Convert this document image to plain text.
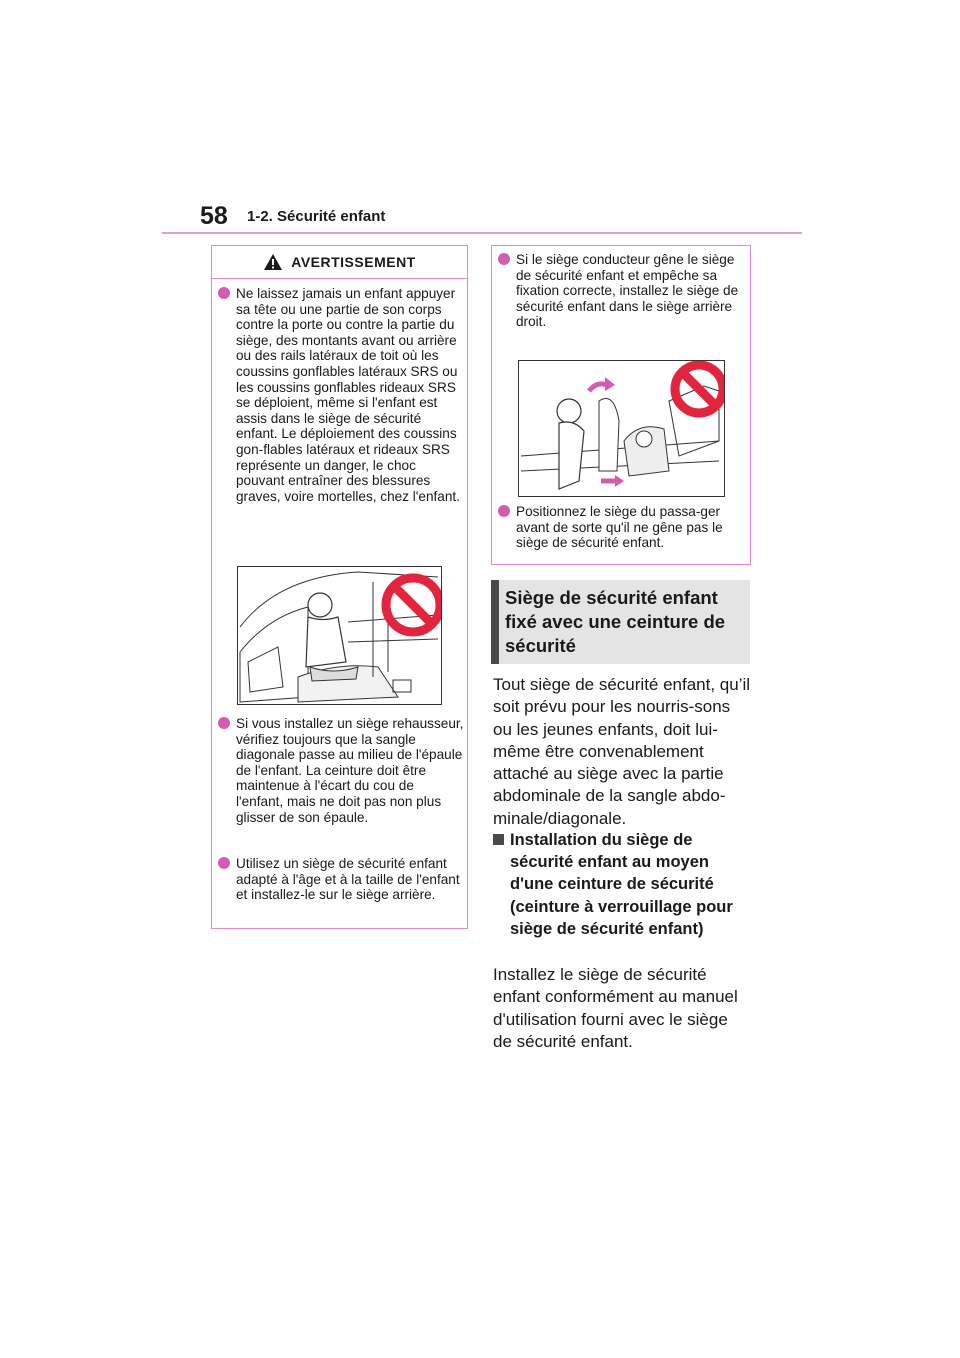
58 1-2. Sécurité enfant
AVERTISSEMENT
Ne laissez jamais un enfant appuyer sa tête ou une partie de son corps contre la porte ou contre la partie du siège, des montants avant ou arrière ou des rails latéraux de toit où les coussins gonflables latéraux SRS ou les coussins gonflables rideaux SRS se déploient, même si l'enfant est assis dans le siège de sécurité enfant. Le déploiement des coussins gon-flables latéraux et rideaux SRS représente un danger, le choc pouvant entraîner des blessures graves, voire mortelles, chez l'enfant.
Si vous installez un siège rehausseur, vérifiez toujours que la sangle diagonale passe au milieu de l'épaule de l'enfant. La ceinture doit être maintenue à l'écart du cou de l'enfant, mais ne doit pas non plus glisser de son épaule.
Utilisez un siège de sécurité enfant adapté à l'âge et à la taille de l'enfant et installez-le sur le siège arrière.
Si le siège conducteur gêne le siège de sécurité enfant et empêche sa fixation correcte, installez le siège de sécurité enfant dans le siège arrière droit.
Positionnez le siège du passa-ger avant de sorte qu'il ne gêne pas le siège de sécurité enfant.
Siège de sécurité enfant fixé avec une ceinture de sécurité
Tout siège de sécurité enfant, qu’il soit prévu pour les nourris-sons ou les jeunes enfants, doit lui-même être convenablement attaché au siège avec la partie abdominale de la sangle abdo-minale/diagonale.
Installation du siège de sécurité enfant au moyen d'une ceinture de sécurité (ceinture à verrouillage pour siège de sécurité enfant)
Installez le siège de sécurité enfant conformément au manuel d'utilisation fourni avec le siège de sécurité enfant.
